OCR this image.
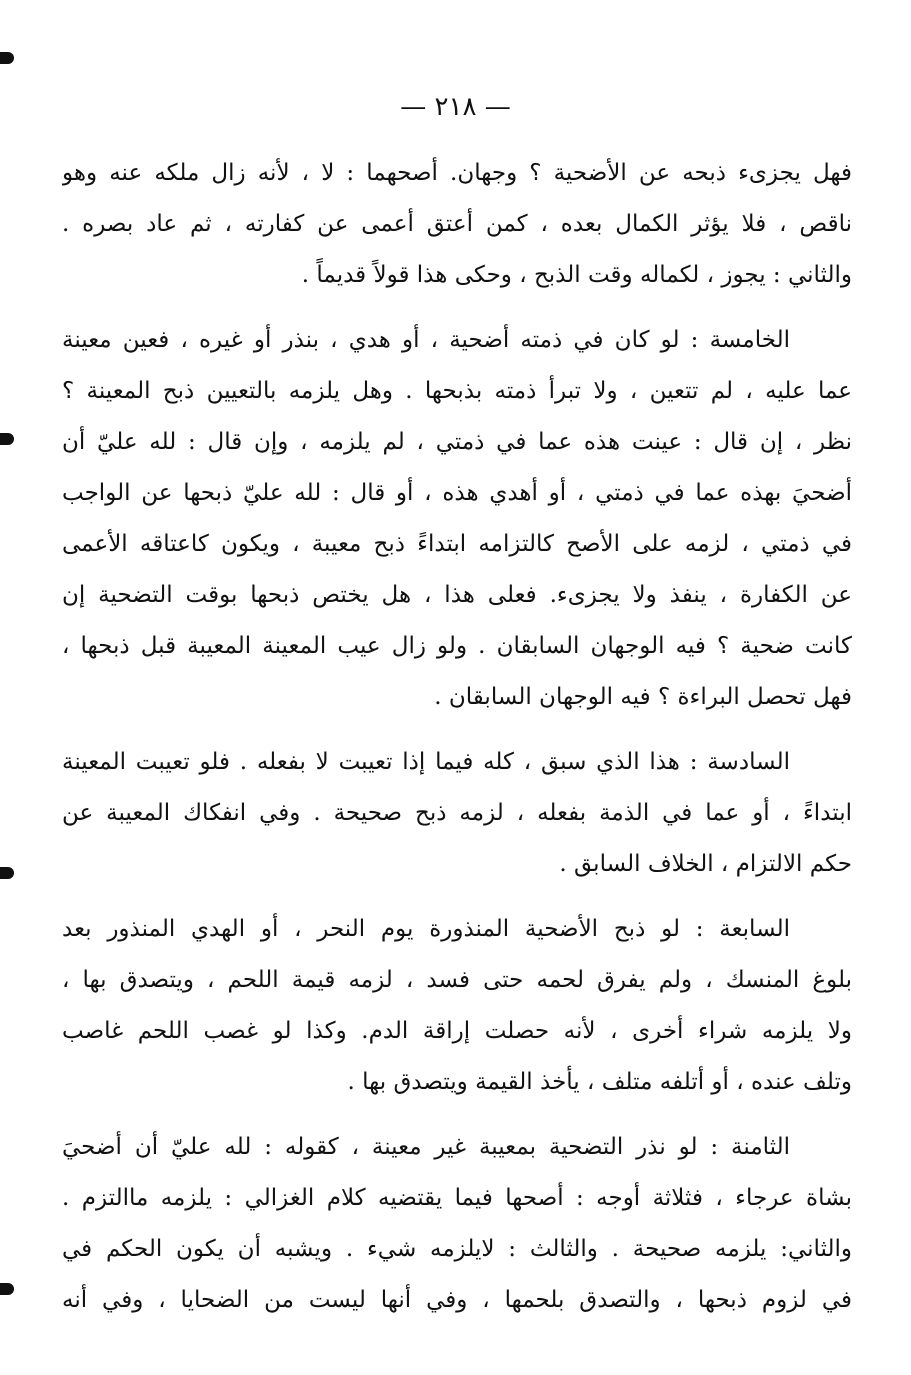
— ٢١٨ —
فهل يجزىء ذبحه عن الأضحية ؟ وجهان. أصحهما : لا ، لأنه زال ملكه عنه وهو
ناقص ، فلا يؤثر الكمال بعده ، كمن أعتق أعمى عن كفارته ، ثم عاد بصره .
والثاني : يجوز ، لكماله وقت الذبح ، وحكى هذا قولاً قديماً .
الخامسة : لو كان في ذمته أضحية ، أو هدي ، بنذر أو غيره ، فعين معينة
عما عليه ، لم تتعين ، ولا تبرأ ذمته بذبحها . وهل يلزمه بالتعيين ذبح المعينة ؟
نظر ، إن قال : عينت هذه عما في ذمتي ، لم يلزمه ، وإن قال : لله عليّ أن
أضحيَ بهذه عما في ذمتي ، أو أهدي هذه ، أو قال : لله عليّ ذبحها عن الواجب
في ذمتي ، لزمه على الأصح كالتزامه ابتداءً ذبح معيبة ، ويكون كاعتاقه الأعمى
عن الكفارة ، ينفذ ولا يجزىء. فعلى هذا ، هل يختص ذبحها بوقت التضحية إن
كانت ضحية ؟ فيه الوجهان السابقان . ولو زال عيب المعينة المعيبة قبل ذبحها ،
فهل تحصل البراءة ؟ فيه الوجهان السابقان .
السادسة : هذا الذي سبق ، كله فيما إذا تعيبت لا بفعله . فلو تعيبت المعينة
ابتداءً ، أو عما في الذمة بفعله ، لزمه ذبح صحيحة . وفي انفكاك المعيبة عن
حكم الالتزام ، الخلاف السابق .
السابعة : لو ذبح الأضحية المنذورة يوم النحر ، أو الهدي المنذور بعد
بلوغ المنسك ، ولم يفرق لحمه حتى فسد ، لزمه قيمة اللحم ، ويتصدق بها ،
ولا يلزمه شراء أخرى ، لأنه حصلت إراقة الدم. وكذا لو غصب اللحم غاصب
وتلف عنده ، أو أتلفه متلف ، يأخذ القيمة ويتصدق بها .
الثامنة : لو نذر التضحية بمعيبة غير معينة ، كقوله : لله عليّ أن أضحيَ
بشاة عرجاء ، فثلاثة أوجه : أصحها فيما يقتضيه كلام الغزالي : يلزمه ماالتزم .
والثاني: يلزمه صحيحة . والثالث : لايلزمه شيء . ويشبه أن يكون الحكم في
في لزوم ذبحها ، والتصدق بلحمها ، وفي أنها ليست من الضحايا ، وفي أنه
